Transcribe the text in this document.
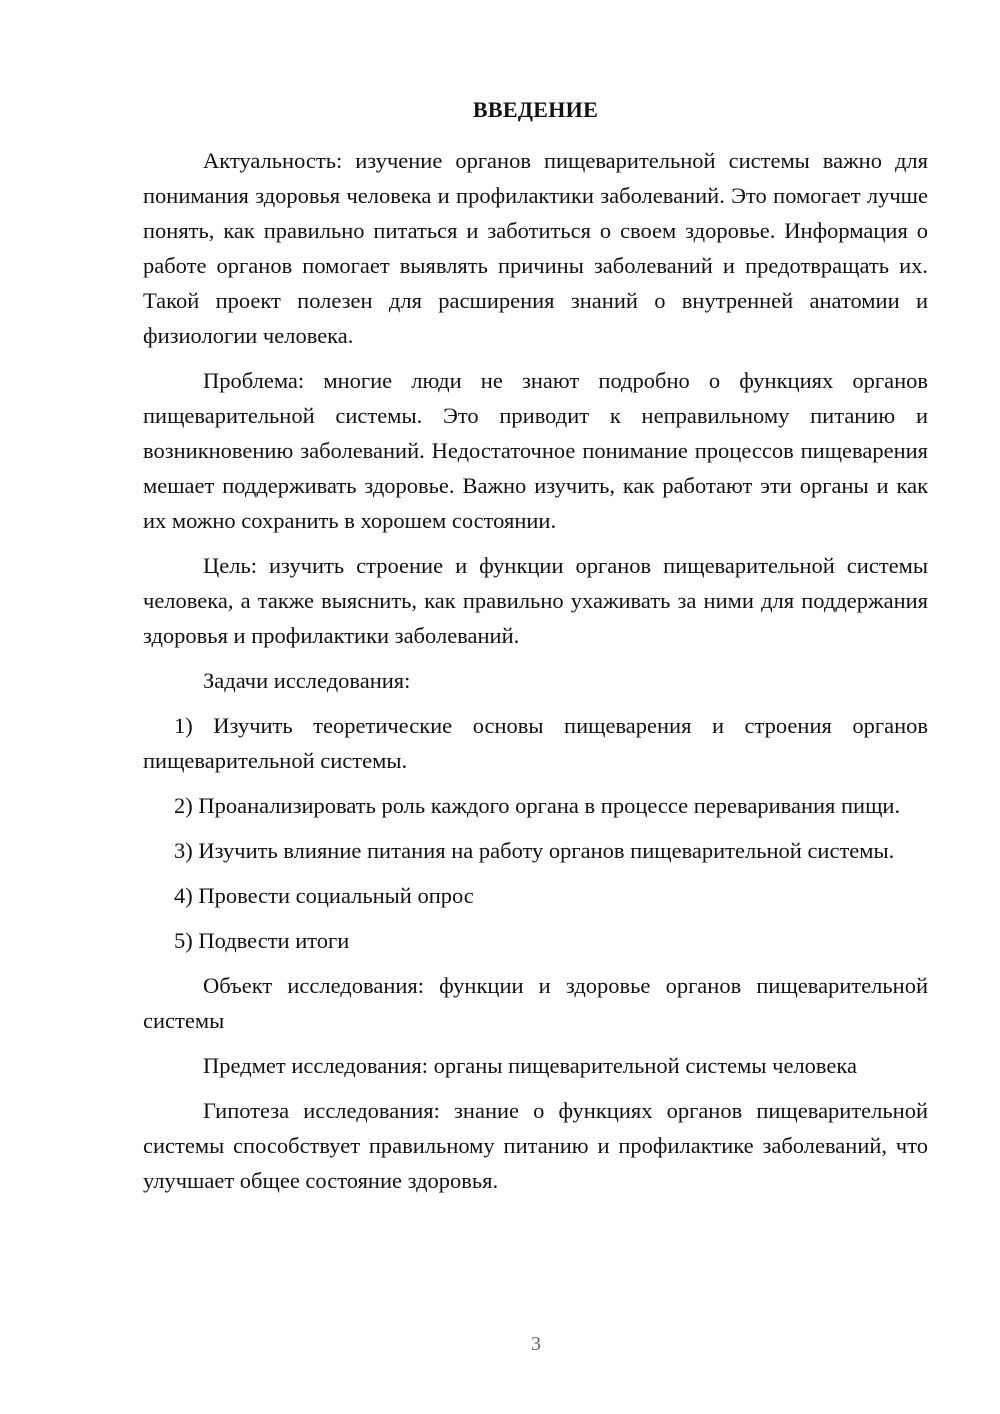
ВВЕДЕНИЕ

Актуальность: изучение органов пищеварительной системы важно для понимания здоровья человека и профилактики заболеваний. Это помогает лучше понять, как правильно питаться и заботиться о своем здоровье. Информация о работе органов помогает выявлять причины заболеваний и предотвращать их. Такой проект полезен для расширения знаний о внутренней анатомии и физиологии человека.

Проблема: многие люди не знают подробно о функциях органов пищеварительной системы. Это приводит к неправильному питанию и возникновению заболеваний. Недостаточное понимание процессов пищеварения мешает поддерживать здоровье. Важно изучить, как работают эти органы и как их можно сохранить в хорошем состоянии.

Цель: изучить строение и функции органов пищеварительной системы человека, а также выяснить, как правильно ухаживать за ними для поддержания здоровья и профилактики заболеваний.

Задачи исследования:

1) Изучить теоретические основы пищеварения и строения органов пищеварительной системы.

2) Проанализировать роль каждого органа в процессе переваривания пищи.

3) Изучить влияние питания на работу органов пищеварительной системы.

4) Провести социальный опрос

5) Подвести итоги

Объект исследования: функции и здоровье органов пищеварительной системы

Предмет исследования: органы пищеварительной системы человека

Гипотеза исследования: знание о функциях органов пищеварительной системы способствует правильному питанию и профилактике заболеваний, что улучшает общее состояние здоровья.

3
